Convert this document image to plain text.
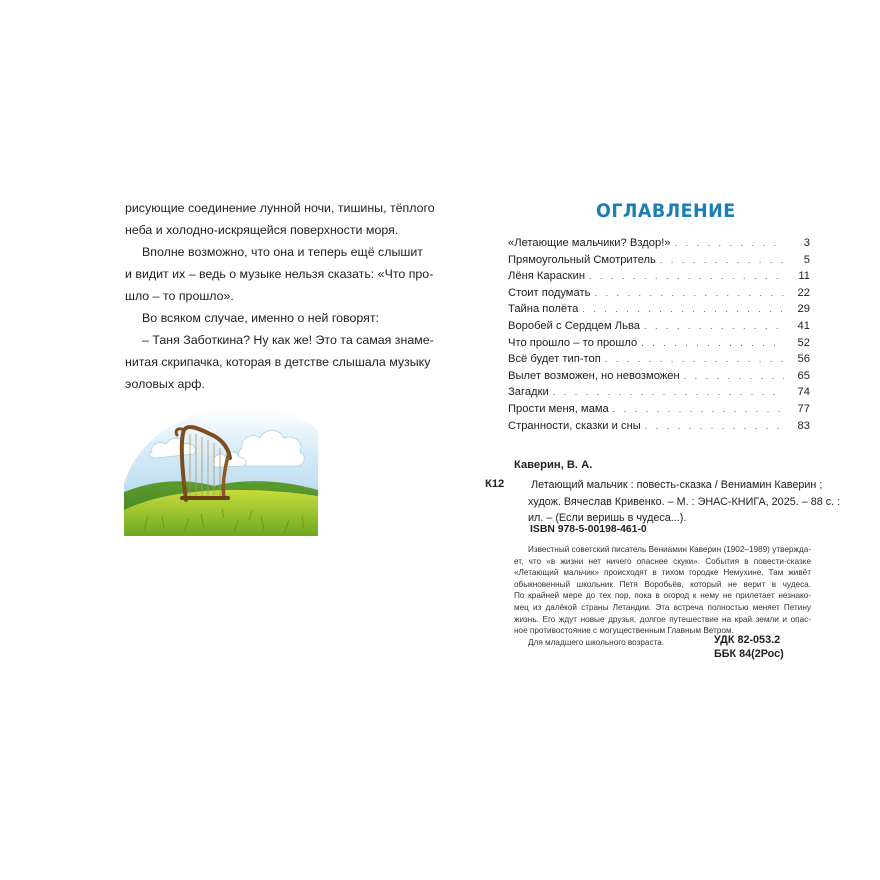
рисующие соединение лунной ночи, тишины, тёплого
неба и холодно-искрящейся поверхности моря.
Вполне возможно, что она и теперь ещё слышит
и видит их – ведь о музыке нельзя сказать: «Что про-
шло – то прошло».
Во всяком случае, именно о ней говорят:
– Таня Заботкина? Ну как же! Это та самая знаме-
нитая скрипачка, которая в детстве слышала музыку
эоловых арф.
ОГЛАВЛЕНИЕ
«Летающие мальчики? Вздор!» . . .	3
Прямоугольный Смотритель . . .	5
Лёня Караскин . . .	11
Стоит подумать . . .	22
Тайна полёта . . .	29
Воробей с Сердцем Льва . . .	41
Что прошло – то прошло . . .	52
Всё будет тип-топ . . .	56
Вылет возможен, но невозможен . . .	65
Загадки . . .	74
Прости меня, мама . . .	77
Странности, сказки и сны . . .	83
Каверин, В. А.
К12 Летающий мальчик : повесть-сказка / Вениамин Каверин ;
худож. Вячеслав Кривенко. – М. : ЭНАС-КНИГА, 2025. – 88 с. :
ил. – (Если веришь в чудеса...).
ISBN 978-5-00198-461-0
Известный советский писатель Вениамин Каверин (1902–1989) утвержда-
ет, что «в жизни нет ничего опаснее скуки». События в повести-сказке
«Летающий мальчик» происходят в тихом городке Немухине. Там живёт
обыкновенный школьник Петя Воробьёв, который не верит в чудеса.
По крайней мере до тех пор, пока в огород к нему не прилетает незнако-
мец из далёкой страны Летандии. Эта встреча полностью меняет Петину
жизнь. Его ждут новые друзья, долгое путешествие на край земли и опас-
ное противостояние с могущественным Главным Ветром.
Для младшего школьного возраста.	УДК 82-053.2
ББК 84(2Рос)
